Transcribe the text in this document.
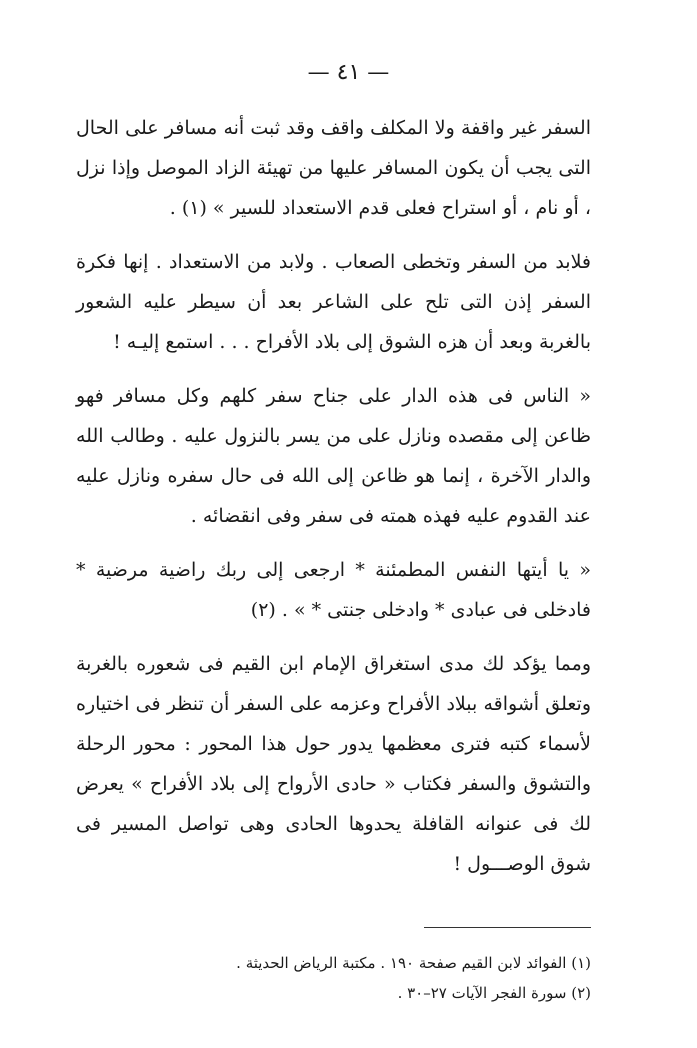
— ٤١ —

السفر غير واقفة ولا المكلف واقف وقد ثبت أنه مسافر على الحال التى يجب أن يكون المسافر عليها من تهيئة الزاد الموصل وإذا نزل ، أو نام ، أو استراح فعلى قدم الاستعداد للسير » (١) .

فلابد من السفر وتخطى الصعاب . ولابد من الاستعداد . إنها فكرة السفر إذن التى تلح على الشاعر بعد أن سيطر عليه الشعور بالغربة وبعد أن هزه الشوق إلى بلاد الأفراح . . . استمع إليـه !

« الناس فى هذه الدار على جناح سفر كلهم وكل مسافر فهو ظاعن إلى مقصده ونازل على من يسر بالنزول عليه . وطالب الله والدار الآخرة ، إنما هو ظاعن إلى الله فى حال سفره ونازل عليه عند القدوم عليه فهذه همته فى سفر وفى انقضائه .

« يا أيتها النفس المطمئنة * ارجعى إلى ربك راضية مرضية * فادخلى فى عبادى * وادخلى جنتى * » . (٢)

ومما يؤكد لك مدى استغراق الإمام ابن القيم فى شعوره بالغربة وتعلق أشواقه ببلاد الأفراح وعزمه على السفر أن تنظر فى اختياره لأسماء كتبه فترى معظمها يدور حول هذا المحور : محور الرحلة والتشوق والسفر فكتاب « حادى الأرواح إلى بلاد الأفراح » يعرض لك فى عنوانه القافلة يحدوها الحادى وهى تواصل المسير فى شوق الوصـــول !

(١) الفوائد لابن القيم صفحة ١٩٠ . مكتبة الرياض الحديثة .

(٢) سورة الفجر الآيات ٢٧–٣٠ .
